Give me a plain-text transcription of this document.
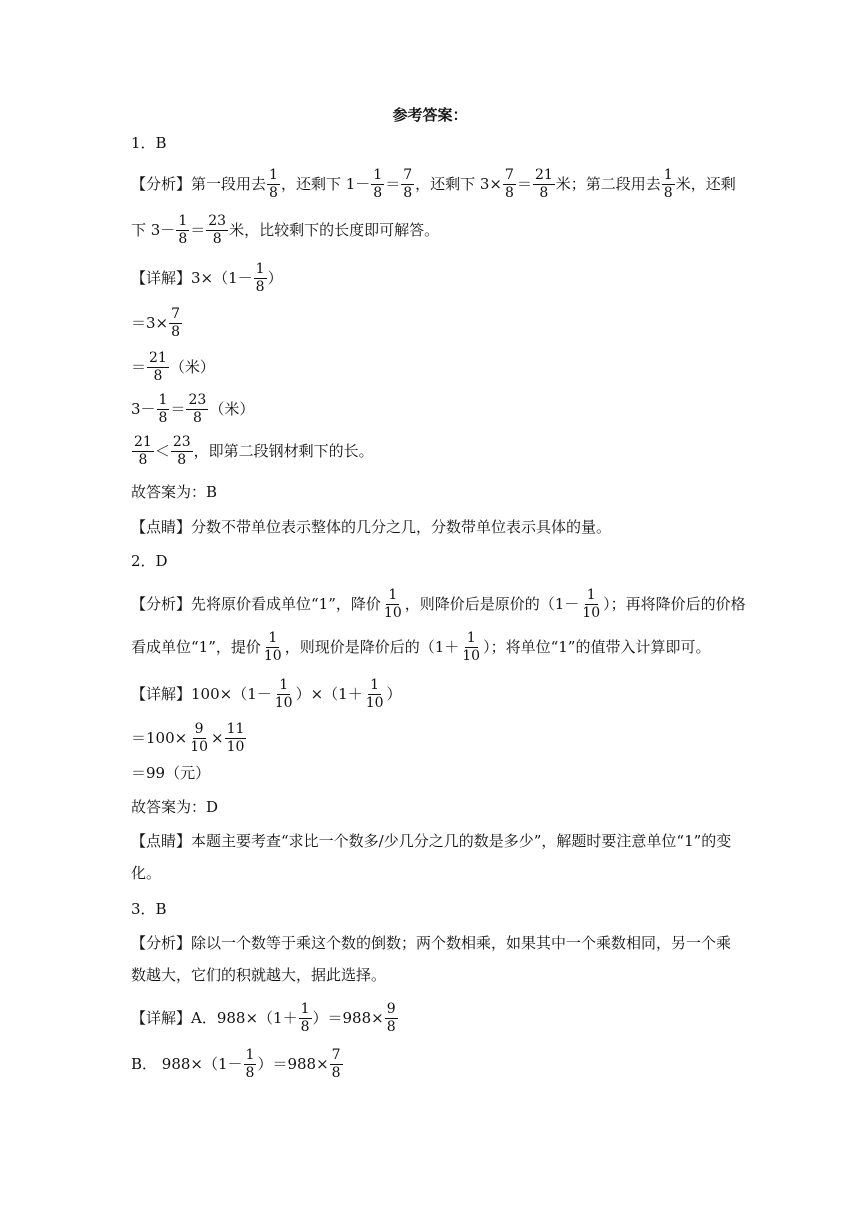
参考答案：
1．B
【分析】 第一段用去 $\frac{1}{8}$ ，还剩下 $1- \frac{1}{8} = \frac{7}{8}$ ，还剩下 $3\times \frac{7}{8} = \frac{21}{8}$ 米；第二段用去 $\frac{1}{8}$ 米，还剩
下 $3- \frac{1}{8} = \frac{23}{8}$ 米，比较剩下的长度即可解答。
【详解】 $3\times(1- \frac{1}{8}$ ）
$=3\times \frac{7}{8}$
＝ $\frac{21}{8}$ （米）
$3- \frac{1}{8} = \frac{23}{8}$ （米）
$\frac{21}{8} < \frac{23}{8}$ ，即第二段钢材剩下的长。
故答案为：B
【点睛】分数不带单位表示整体的几分之几，分数带单位表示具体的量。
2．D
【分析】 先将原价看成单位“1”，降价 $\frac{1}{10}$ ，则降价后是原价的（$1- \frac{1}{10}$ ）；再将降价后的价格
看成单位“1”，提价 $\frac{1}{10}$ ，则现价是降价后的（$1+ \frac{1}{10}$ ）；将单位“1”的值带入计算即可。
【详解】 $100\times(1- \frac{1}{10} )\times(1+ \frac{1}{10}$ ）
$=100\times \frac{9}{10} \times \frac{11}{10}$
＝99（元）
故答案为：D
【点睛】本题主要考查“求比一个数多/少几分之几的数是多少”，解题时要注意单位“1”的变
化。
3．B
【分析】除以一个数等于乘这个数的倒数；两个数相乘，如果其中一个乘数相同，另一个乘
数越大，它们的积就越大，据此选择。
【详解】 A．$988\times(1+ \frac{1}{8} )=988\times \frac{9}{8}$
B． $988\times(1- \frac{1}{8} )=988\times \frac{7}{8}$
